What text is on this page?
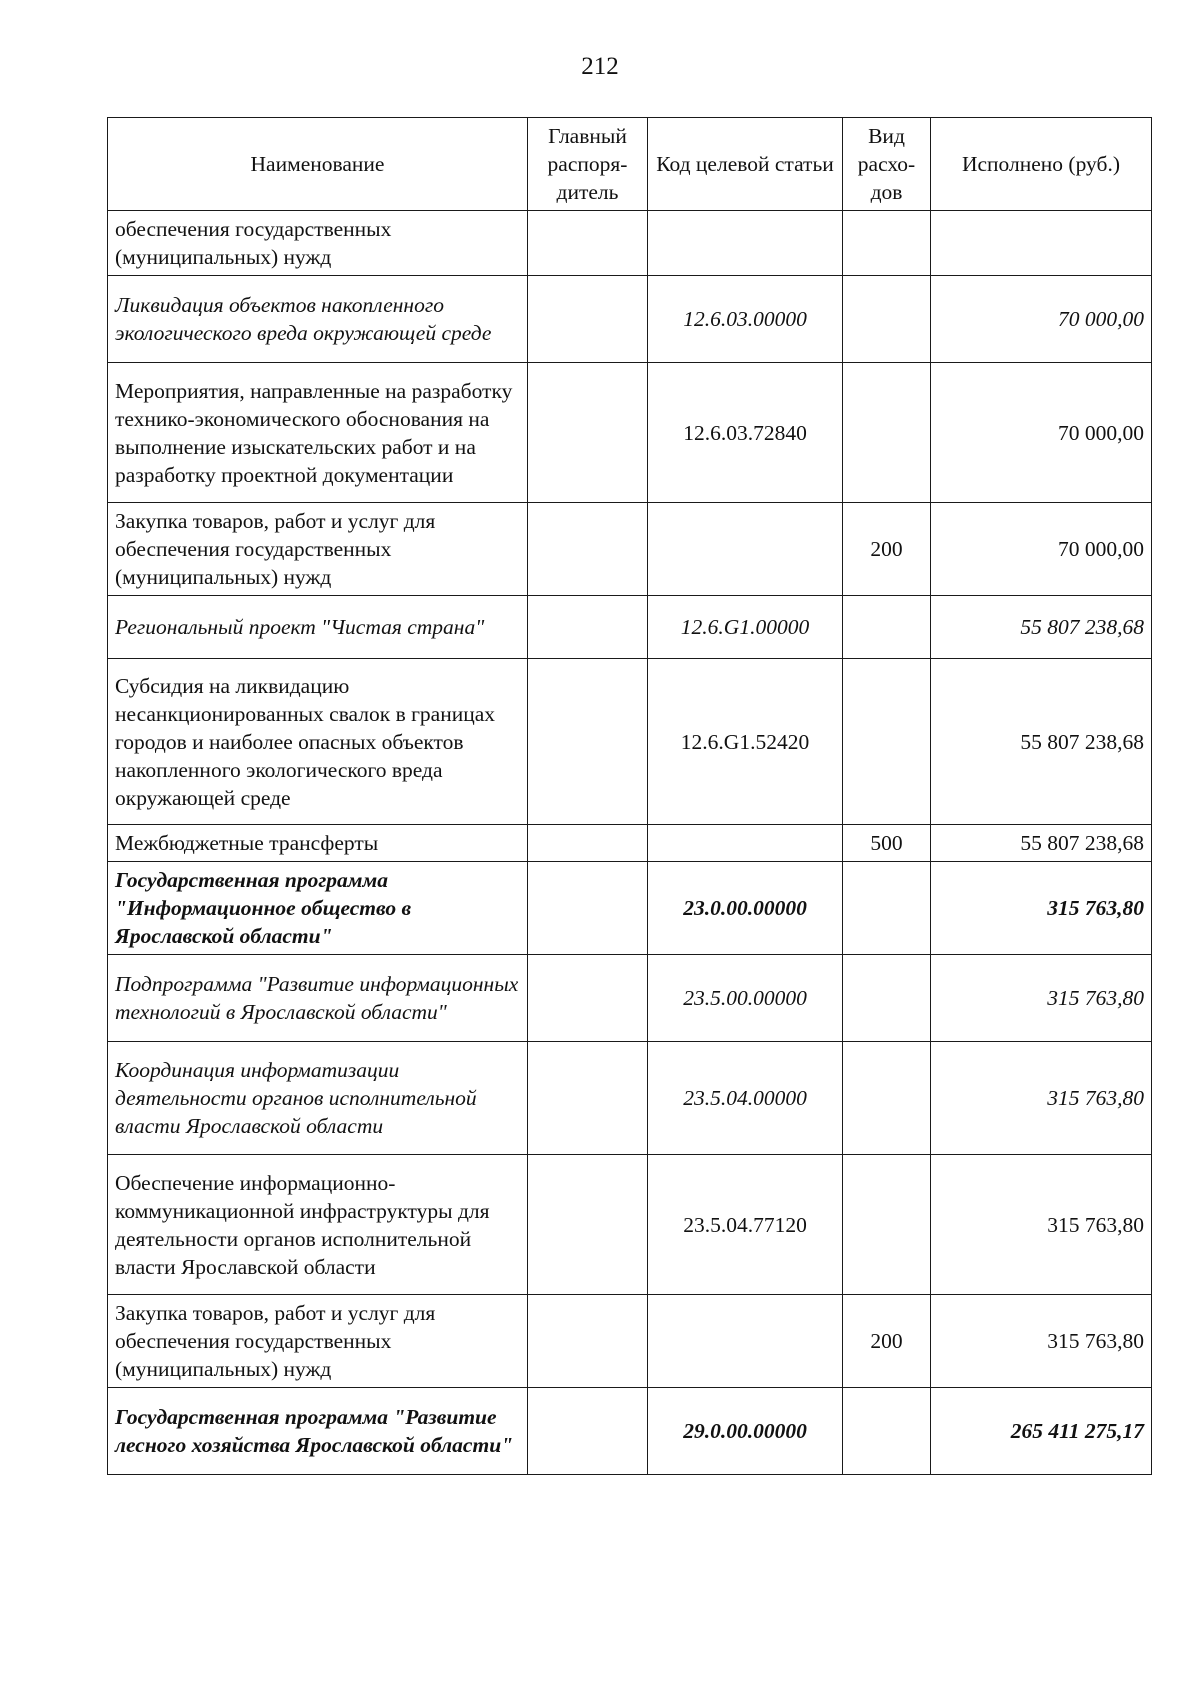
212
Наименование	Главный распоря-дитель	Код целевой статьи	Вид расхо-дов	Исполнено (руб.)
обеспечения государственных (муниципальных) нужд				
Ликвидация объектов накопленного экологического вреда окружающей среде		12.6.03.00000		70 000,00
Мероприятия, направленные на разработку технико-экономического обоснования на выполнение изыскательских работ и на разработку проектной документации		12.6.03.72840		70 000,00
Закупка товаров, работ и услуг для обеспечения государственных (муниципальных) нужд			200	70 000,00
Региональный проект "Чистая страна"		12.6.G1.00000		55 807 238,68
Субсидия на ликвидацию несанкционированных свалок в границах городов и наиболее опасных объектов накопленного экологического вреда окружающей среде		12.6.G1.52420		55 807 238,68
Межбюджетные трансферты			500	55 807 238,68
Государственная программа "Информационное общество в Ярославской области"		23.0.00.00000		315 763,80
Подпрограмма "Развитие информационных технологий в Ярославской области"		23.5.00.00000		315 763,80
Координация информатизации деятельности органов исполнительной власти Ярославской области		23.5.04.00000		315 763,80
Обеспечение информационно-коммуникационной инфраструктуры для деятельности органов исполнительной власти Ярославской области		23.5.04.77120		315 763,80
Закупка товаров, работ и услуг для обеспечения государственных (муниципальных) нужд			200	315 763,80
Государственная программа "Развитие лесного хозяйства Ярославской области"		29.0.00.00000		265 411 275,17
